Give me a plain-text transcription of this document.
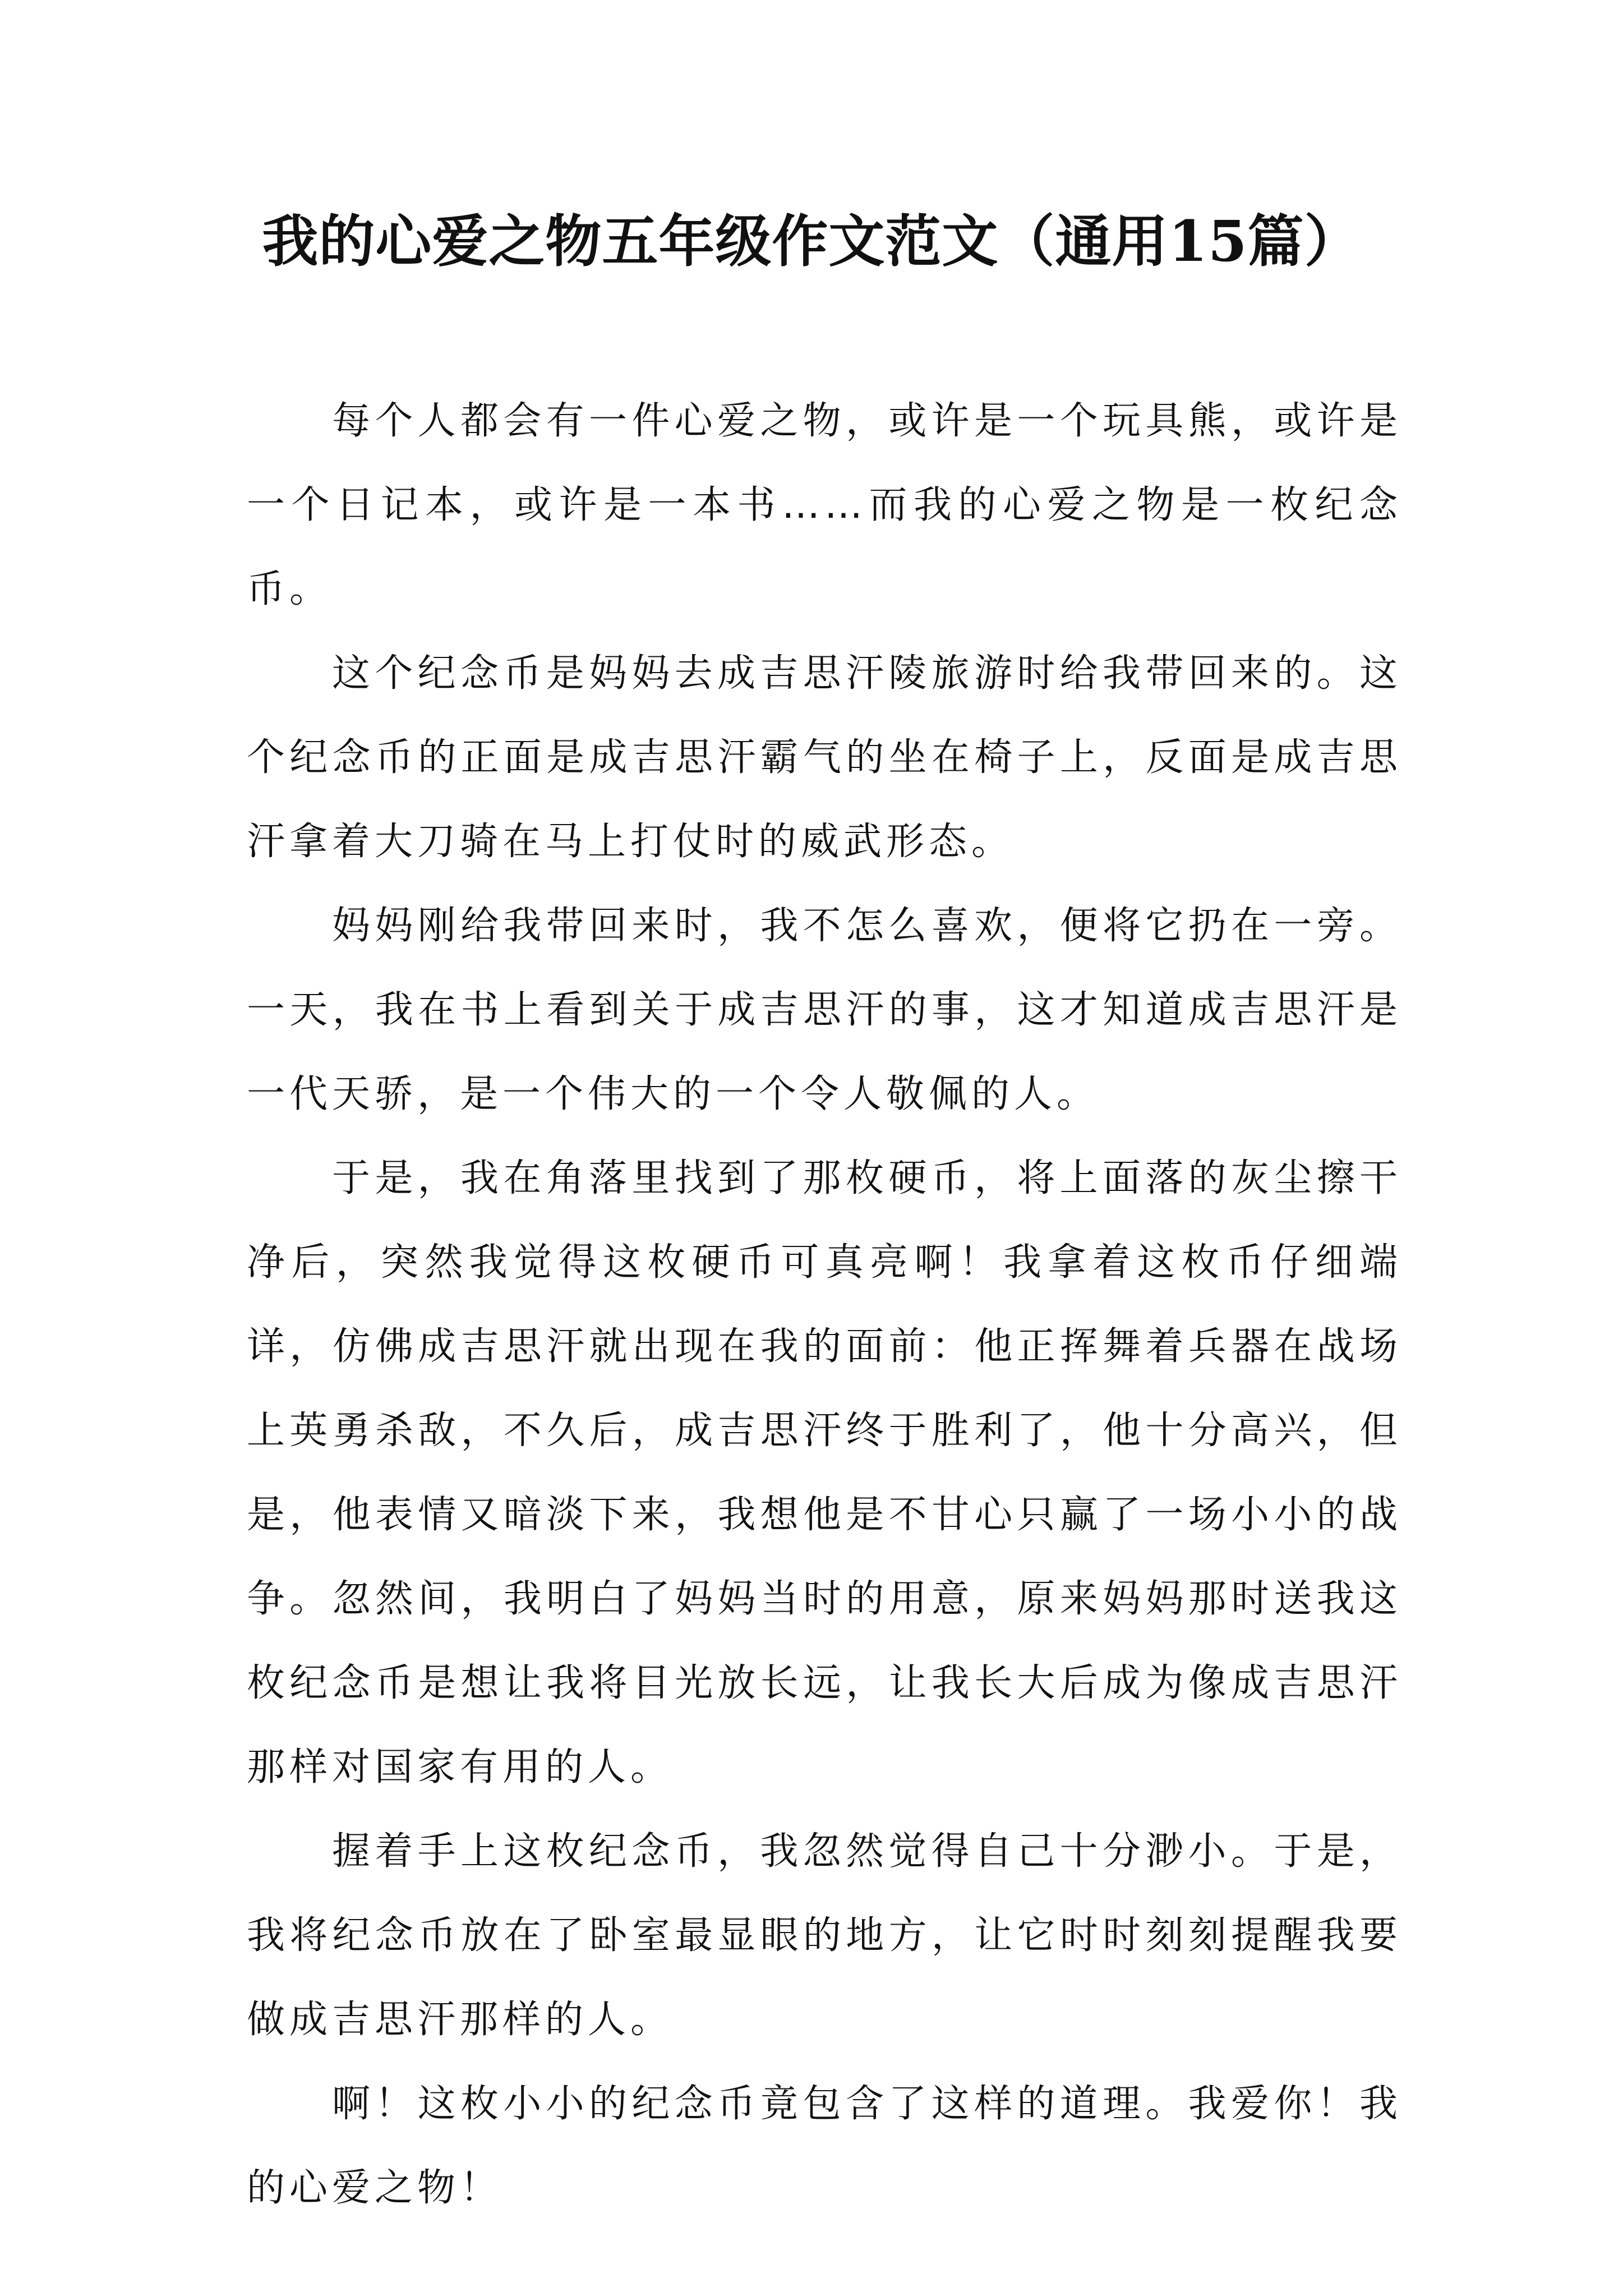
我的心爱之物五年级作文范文（通用15篇）

每个人都会有一件心爱之物，或许是一个玩具熊，或许是一个日记本，或许是一本书……而我的心爱之物是一枚纪念币。

这个纪念币是妈妈去成吉思汗陵旅游时给我带回来的。这个纪念币的正面是成吉思汗霸气的坐在椅子上，反面是成吉思汗拿着大刀骑在马上打仗时的威武形态。

妈妈刚给我带回来时，我不怎么喜欢，便将它扔在一旁。一天，我在书上看到关于成吉思汗的事，这才知道成吉思汗是一代天骄，是一个伟大的一个令人敬佩的人。

于是，我在角落里找到了那枚硬币，将上面落的灰尘擦干净后，突然我觉得这枚硬币可真亮啊！我拿着这枚币仔细端详，仿佛成吉思汗就出现在我的面前：他正挥舞着兵器在战场上英勇杀敌，不久后，成吉思汗终于胜利了，他十分高兴，但是，他表情又暗淡下来，我想他是不甘心只赢了一场小小的战争。忽然间，我明白了妈妈当时的用意，原来妈妈那时送我这枚纪念币是想让我将目光放长远，让我长大后成为像成吉思汗那样对国家有用的人。

握着手上这枚纪念币，我忽然觉得自己十分渺小。于是，我将纪念币放在了卧室最显眼的地方，让它时时刻刻提醒我要做成吉思汗那样的人。

啊！这枚小小的纪念币竟包含了这样的道理。我爱你！我的心爱之物！
